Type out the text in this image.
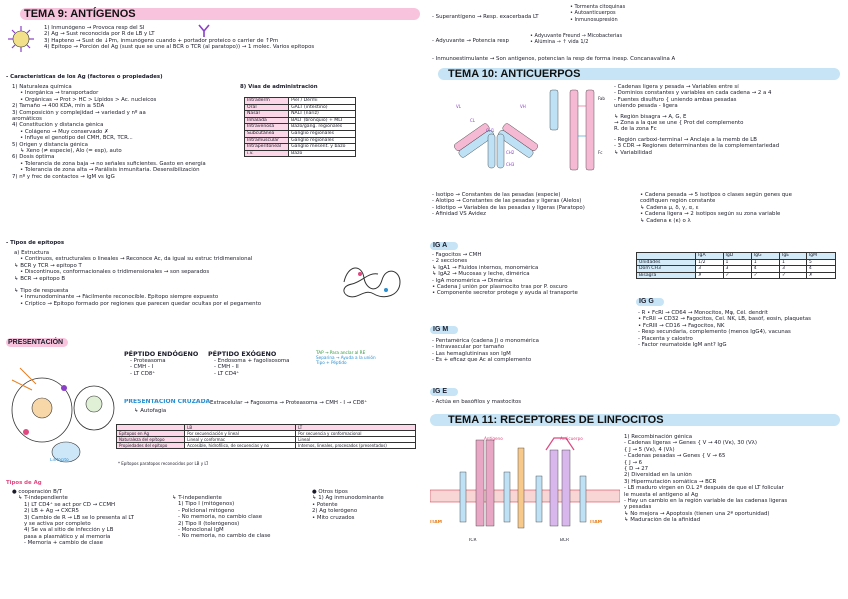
TEMA 9: ANTÍGENOS
1) Inmunógeno → Provoca resp del SI
2) Ag → Sust reconocida por R de LB y LT
3) Hapteno → Sust de ↓Pm, inmunógeno cuando + portador proteico o carrier de ↑Pm
4) Epítopo → Porción del Ag (sust que se une al BCR o TCR (al paratopo)) → 1 molec. Varios epítopos
- Características de los Ag (factores o propiedades)
1) Naturaleza química
• Inorgánica → transportador
• Orgánicas → Prot > HC > Lípidos > Ac. nucleicos
2) Tamaño → 400 KDA, mín ≥ 5DA
3) Composición y complejidad → variedad y nº aa
aromáticos
4) Constitución y distancia génica
• Colágeno → Muy conservado ✗
• Influye el genotipo del CMH, BCR, TCR...
5) Origen y distancia génica
↳ Xeno (≠ especie), Alo (= esp), auto
6) Dosis óptima
• Tolerancia de zona baja → no señales suficientes. Gasto en energía
• Tolerancia de zona alta → Parálisis inmunitaria. Desensibilización
7) nº y frec de contactos → IgM vs IgG
8) Vías de administración
Intraderm	Piel / Dérmi
Oral	GALT (intestino)
Nasal	NALT (nariz)
Inhalada	BALT (bronquio) + MLT
Intravenosa	Bazo/gang. regionales
Subcutánea	Ganglio regionales
Intramuscular	Ganglio regionales
Intraperitoneal	Ganglio mesent. y bazo
i.v.	Bazo
- Tipos de epítopos
a) Estructura
• Continuos, estructurales o lineales → Reconoce Ac, da igual su estruc tridimensional
↳ BCR y TCR → epítopo T
• Discontinuos, conformacionales o tridimensionales → son separados
↳ BCR → epítopo B
↳ Tipo de respuesta
• Inmunodominante → Fácilmente reconocible. Epítopo siempre expuesto
• Críptico → Epítopo formado por regiones que parecen quedar ocultas por el pegamento
PRESENTACIÓN
Linfocito
PÉPTIDO ENDÓGENO
- Proteasoma
- CMH - I
- LT CD8⁺
PÉPTIDO EXÓGENO
- Endosoma + fagolisosoma
- CMH - II
- LT CD4⁺
TAP → Para anclar al RE
Separina → Ayuda a la unión Tipo + Péptido
PRESENTACIÓN CRUZADA Extracelular → Fagosoma → Proteasoma → CMH - I → CD8⁺
↳ Autofagia
	LB	LT
Epítopos en Ag	Por secuenciación y lineal	Por secuencia y conformacional
Naturaleza del epítopo	Lineal y conformac	Lineal
Propiedades del epítopo	Accesible, hidrofílico, de secuencias y no	Internos, lineales, procesados (presentados)
* Epítopos paratopos reconocidos por LB y LT
Tipos de Ag
● cooperación B/T
↳ T-independiente
1) LT CD4⁺ se act por CD → CCMH
2) LB + Ag → CXCR5
3) Cambio de R → LB se lo presenta al LT
y se activa por completo
4) Se va al sitio de infección y LB
pasa a plasmático y al memoria
- Memoria + cambio de clase
↳ T-independiente
1) Tipo I (mitógenos)
- Policlonal mitógeno
- No memoria, no cambio clase
2) Tipo II (tolerógenos)
- Monoclonal IgM
- No memoria, no cambio de clase
● Otros tipos
↳ 1) Ag inmunodominante
• Potente
2) Ag tolerógeno
• Mito cruzados
- Superantígeno → Resp. exacerbada LT
• Tormenta citoquinas
• Autoanticuerpos
• Inmunosupresión
- Adyuvante → Potencia resp
• Adyuvante Freund → Micobacterias
• Alúmina → ↑ vida 1/2
- Inmunoestimulante → Son antígenos, potencian la resp de forma inesp. Concanavalina A
TEMA 10: ANTICUERPOS
VL
CL
CH1
VH
CH2
CH3
Fab
Fc
- Cadenas ligera y pesada → Variables entre sí
- Dominios constantes y variables en cada cadena → 2 a 4
- Fuentes disulfuro { uniendo ambas pesadas
uniendo pesada - ligera
↳ Región bisagra → A, G, E
→ Zona a la que se une { Prot del complemento
R. de la zona Fc
- Región carboxi-terminal → Anclaje a la memb de LB
- 3 CDR → Regiones determinantes de la complementariedad
↳ Variabilidad
- Isotipo → Constantes de las pesadas (especie)
- Alotipo → Constantes de las pesadas y ligeras (Alelos)
- Idiotipo → Variables de las pesadas y ligeras (Paratopo)
- Afinidad VS Avidez
• Cadena pesada → 5 isotipos o clases según genes que
codifiquen región constante
↳ Cadena μ, δ, γ, α, ε
• Cadena ligera → 2 isotipos según su zona variable
↳ Cadena κ (κ) o λ
	IgA	IgD	IgG	IgE	IgM
Unidades	1/2	1	1	1	5
Dom CH3	3	3	4	3	4
Bisagra	✗	✓	✓	✓	✗
IG A
- Fagocitos → CMH
- 2 secciones
↳ IgA1 → Fluidos internos, monomérica
↳ IgA2 → Mucosas y leche, dimérica
- IgA monomérica → Dimérica
• Cadena J unión por plasmocito tras por P. oscuro
• Componente secretor protege y ayuda al transporte
IG G
- R • FcRI → CD64 → Monocitos, Mφ, Cél. dendrít
• FcRII → CD32 → Fagocitos, Cel. NK, LB, basóf, eosin, plaquetas
• FcRIII → CD16 → Fagocitos, NK
- Resp secundaria, complemento (menos IgG4), vacunas
- Placenta y calostro
- Factor reumatoide IgM ant? IgG
IG M
- Pentamérica (cadena J) o monomérica
- Intravascular por tamaño
- Las hemaglutininas son IgM
- Es + eficaz que Ac al complemento
IG E
- Actúa en basófilos y mastocitos
TEMA 11: RECEPTORES DE LINFOCITOS
Antígeno	Anticuerpo
ITAM
TCR	BCR
ITAM
1) Recombinación génica
- Cadenas ligeras → Genes { V → 40 (Vκ), 30 (Vλ)
{ J → 5 (Vκ), 4 (Vλ)
- Cadenas pesadas → Genes { V → 65
{ J → 6
{ D → 27
2) Diversidad en la unión
3) Hipermutación somática → BCR
- LB maduro virgen en O.L 2º después de que el LT folicular
le muesta el antígeno al Ag
- Hay un cambio en la región variable de las cadenas ligeras
y pesadas
↳ No mejora → Apoptosis (tienen una 2ª oportunidad)
↳ Maduración de la afinidad
